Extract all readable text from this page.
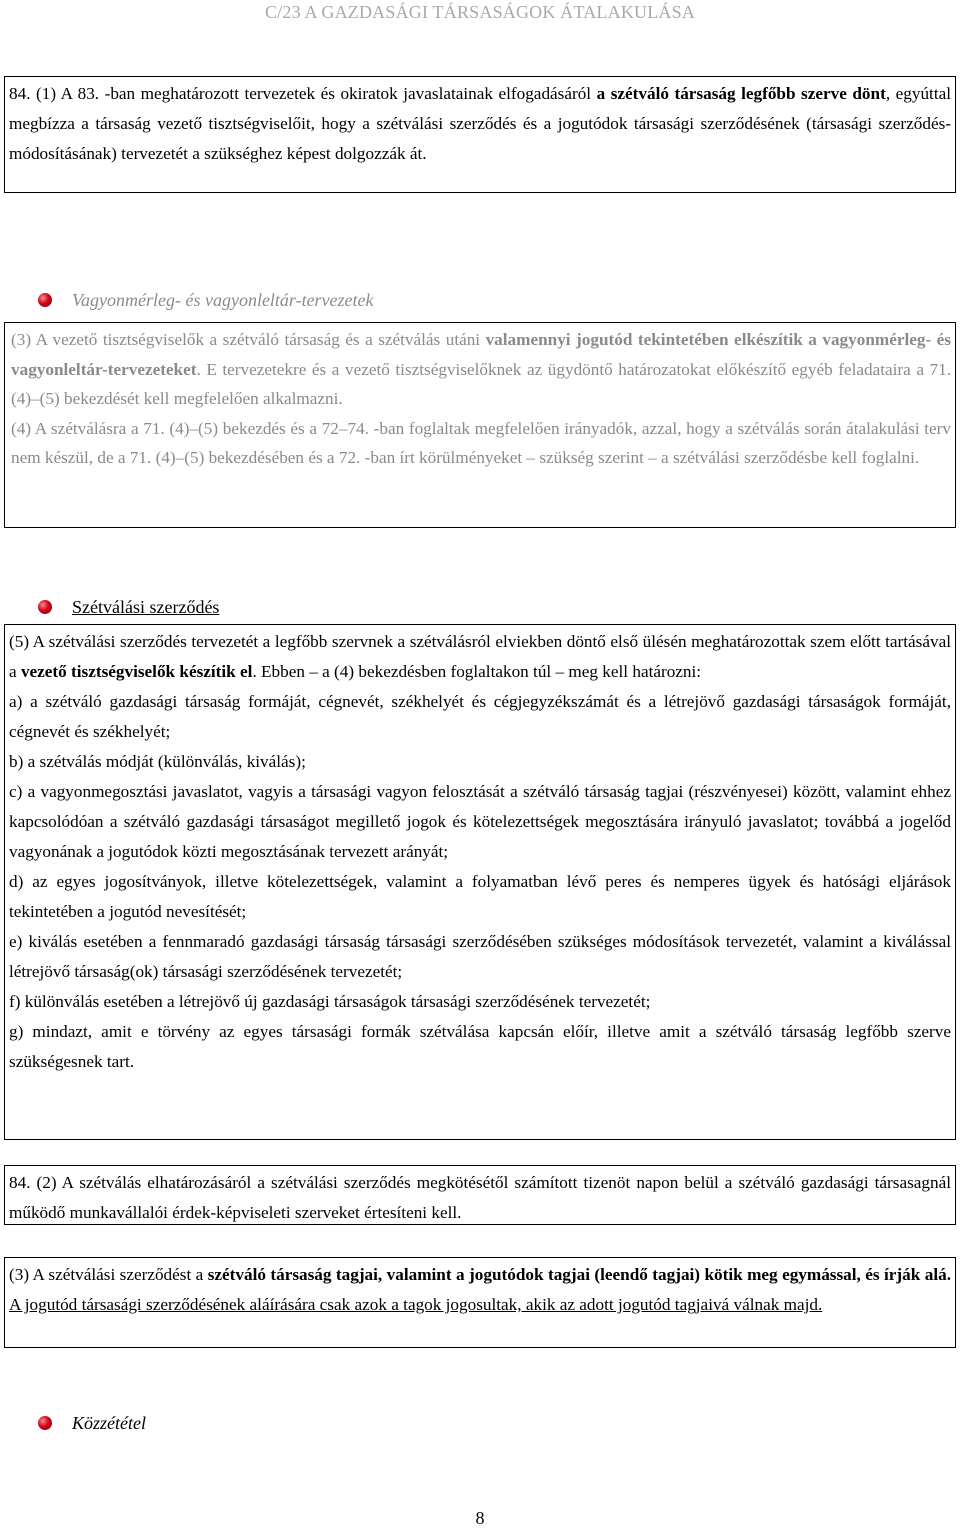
C/23 A GAZDASÁGI TÁRSASÁGOK ÁTALAKULÁSA

84. (1) A 83. -ban meghatározott tervezetek és okiratok javaslatainak elfogadásáról a szétváló társaság legfőbb szerve dönt, egyúttal megbízza a társaság vezető tisztségviselőit, hogy a szétválási szerződés és a jogutódok társasági szerződésének (társasági szerződés-módosításának) tervezetét a szükséghez képest dolgozzák át.

Vagyonmérleg- és vagyonleltár-tervezetek

(3) A vezető tisztségviselők a szétváló társaság és a szétválás utáni valamennyi jogutód tekintetében elkészítik a vagyonmérleg- és vagyonleltár-tervezeteket. E tervezetekre és a vezető tisztségviselőknek az ügydöntő határozatokat előkészítő egyéb feladataira a 71. (4)–(5) bekezdését kell megfelelően alkalmazni.

(4) A szétválásra a 71. (4)–(5) bekezdés és a 72–74. -ban foglaltak megfelelően irányadók, azzal, hogy a szétválás során átalakulási terv nem készül, de a 71. (4)–(5) bekezdésében és a 72. -ban írt körülményeket – szükség szerint – a szétválási szerződésbe kell foglalni.

Szétválási szerződés

(5) A szétválási szerződés tervezetét a legfőbb szervnek a szétválásról elviekben döntő első ülésén meghatározottak szem előtt tartásával a vezető tisztségviselők készítik el. Ebben – a (4) bekezdésben foglaltakon túl – meg kell határozni:

a) a szétváló gazdasági társaság formáját, cégnevét, székhelyét és cégjegyzékszámát és a létrejövő gazdasági társaságok formáját, cégnevét és székhelyét;

b) a szétválás módját (különválás, kiválás);

c) a vagyonmegosztási javaslatot, vagyis a társasági vagyon felosztását a szétváló társaság tagjai (részvényesei) között, valamint ehhez kapcsolódóan a szétváló gazdasági társaságot megillető jogok és kötelezettségek megosztására irányuló javaslatot; továbbá a jogelőd vagyonának a jogutódok közti megosztásának tervezett arányát;

d) az egyes jogosítványok, illetve kötelezettségek, valamint a folyamatban lévő peres és nemperes ügyek és hatósági eljárások tekintetében a jogutód nevesítését;

e) kiválás esetében a fennmaradó gazdasági társaság társasági szerződésében szükséges módosítások tervezetét, valamint a kiválással létrejövő társaság(ok) társasági szerződésének tervezetét;

f) különválás esetében a létrejövő új gazdasági társaságok társasági szerződésének tervezetét;

g) mindazt, amit e törvény az egyes társasági formák szétválása kapcsán előír, illetve amit a szétváló társaság legfőbb szerve szükségesnek tart.

84. (2) A szétválás elhatározásáról a szétválási szerződés megkötésétől számított tizenöt napon belül a szétváló gazdasági társasagnál működő munkavállalói érdek-képviseleti szerveket értesíteni kell.

(3) A szétválási szerződést a szétváló társaság tagjai, valamint a jogutódok tagjai (leendő tagjai) kötik meg egymással, és írják alá. A jogutód társasági szerződésének aláírására csak azok a tagok jogosultak, akik az adott jogutód tagjaivá válnak majd.

Közzététel
8
